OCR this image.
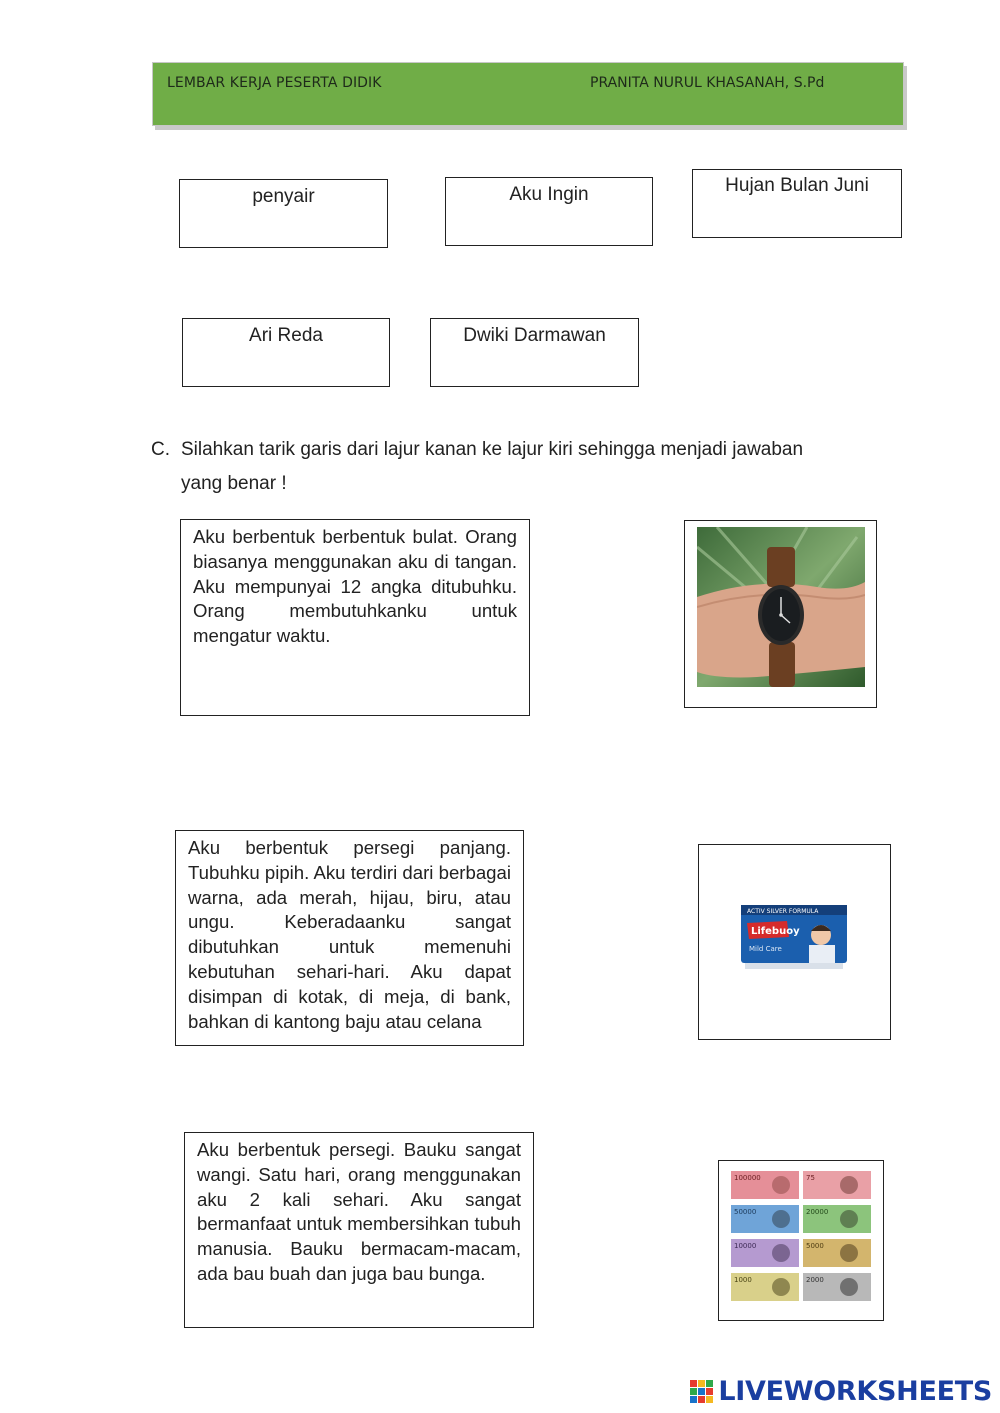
LEMBAR KERJA PESERTA DIDIK	PRANITA NURUL KHASANAH, S.Pd
penyair	Aku Ingin	Hujan Bulan Juni
Ari Reda	Dwiki Darmawan
C. Silahkan tarik garis dari lajur kanan ke lajur kiri sehingga menjadi jawaban
yang benar !
Aku berbentuk berbentuk bulat. Orang biasanya menggunakan aku di tangan. Aku mempunyai 12 angka ditubuhku. Orang membutuhkanku untuk mengatur waktu.
Aku berbentuk persegi panjang. Tubuhku pipih. Aku terdiri dari berbagai warna, ada merah, hijau, biru, atau ungu. Keberadaanku sangat dibutuhkan untuk memenuhi kebutuhan sehari-hari. Aku dapat disimpan di kotak, di meja, di bank, bahkan di kantong baju atau celana
Aku berbentuk persegi. Bauku sangat wangi. Satu hari, orang menggunakan aku 2 kali sehari. Aku sangat bermanfaat untuk membersihkan tubuh manusia. Bauku bermacam-macam, ada bau buah dan juga bau bunga.
ACTIV SILVER FORMULA
Lifebuoy
Mild Care
100000	75
50000	20000
10000	5000
1000	2000
LIVEWORKSHEETS
